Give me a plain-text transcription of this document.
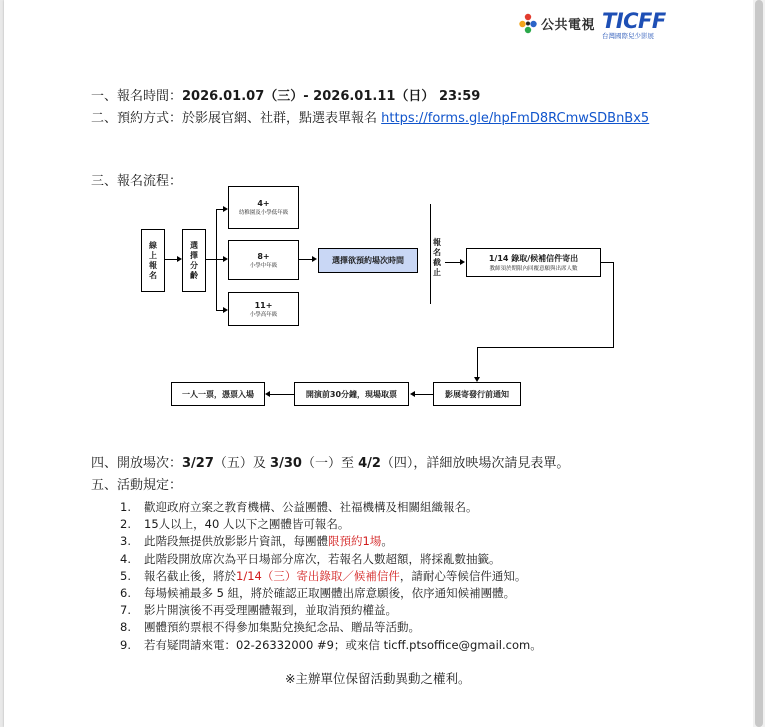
公共電視 TICFF
台灣國際兒少影展
一、報名時間：2026.01.07（三）- 2026.01.11（日） 23:59
二、預約方式：於影展官網、社群，點選表單報名 https://forms.gle/hpFmD8RCmwSDBnBx5
三、報名流程：
線上報名
選擇分齡
4+
幼稚園及小學低年級
8+
小學中年級
11+
小學高年級
選擇欲預約場次時間
報名截止
1/14 錄取/候補信件寄出
教師須於期限內回覆意願與出席人數
影展寄發行前通知
開演前30分鐘，現場取票
一人一票，憑票入場
四、開放場次：3/27（五）及 3/30（一）至 4/2（四），詳細放映場次請見表單。
五、活動規定：
1. 歡迎政府立案之教育機構、公益團體、社福機構及相關組織報名。
2. 15人以上，40 人以下之團體皆可報名。
3. 此階段無提供放影影片資訊，每團體限預約1場。
4. 此階段開放席次為平日場部分席次，若報名人數超額，將採亂數抽籤。
5. 報名截止後，將於1/14（三）寄出錄取／候補信件，請耐心等候信件通知。
6. 每場候補最多 5 組，將於確認正取團體出席意願後，依序通知候補團體。
7. 影片開演後不再受理團體報到，並取消預約權益。
8. 團體預約票根不得參加集點兌換紀念品、贈品等活動。
9. 若有疑問請來電：02-26332000 #9；或來信 ticff.ptsoffice@gmail.com。
※主辦單位保留活動異動之權利。
